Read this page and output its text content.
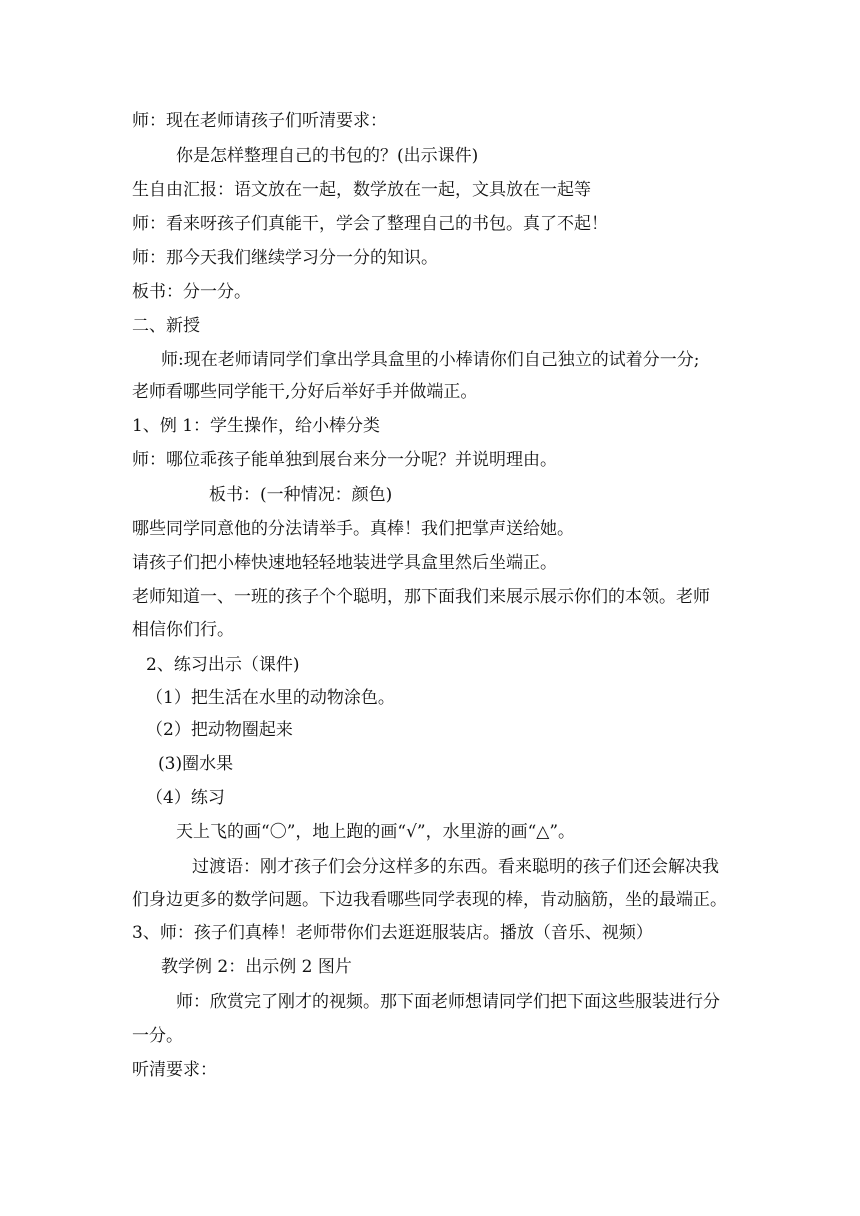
师：现在老师请孩子们听清要求：
你是怎样整理自己的书包的？(出示课件)
生自由汇报：语文放在一起，数学放在一起，文具放在一起等
师：看来呀孩子们真能干，学会了整理自己的书包。真了不起！
师：那今天我们继续学习分一分的知识。
板书：分一分。
二、新授
师:现在老师请同学们拿出学具盒里的小棒请你们自己独立的试着分一分;
老师看哪些同学能干,分好后举好手并做端正。
1、例 1：学生操作，给小棒分类
师：哪位乖孩子能单独到展台来分一分呢？并说明理由。
板书：(一种情况：颜色)
哪些同学同意他的分法请举手。真棒！我们把掌声送给她。
请孩子们把小棒快速地轻轻地装进学具盒里然后坐端正。
老师知道一、一班的孩子个个聪明，那下面我们来展示展示你们的本领。老师
相信你们行。
2、练习出示（课件)
（1）把生活在水里的动物涂色。
（2）把动物圈起来
(3)圈水果
（4）练习
天上飞的画“〇”，地上跑的画“√”，水里游的画“△”。
过渡语：刚才孩子们会分这样多的东西。看来聪明的孩子们还会解决我
们身边更多的数学问题。下边我看哪些同学表现的棒，肯动脑筋，坐的最端正。
3、师：孩子们真棒！老师带你们去逛逛服装店。播放（音乐、视频）
教学例 2：出示例 2 图片
师：欣赏完了刚才的视频。那下面老师想请同学们把下面这些服装进行分
一分。
听清要求：
